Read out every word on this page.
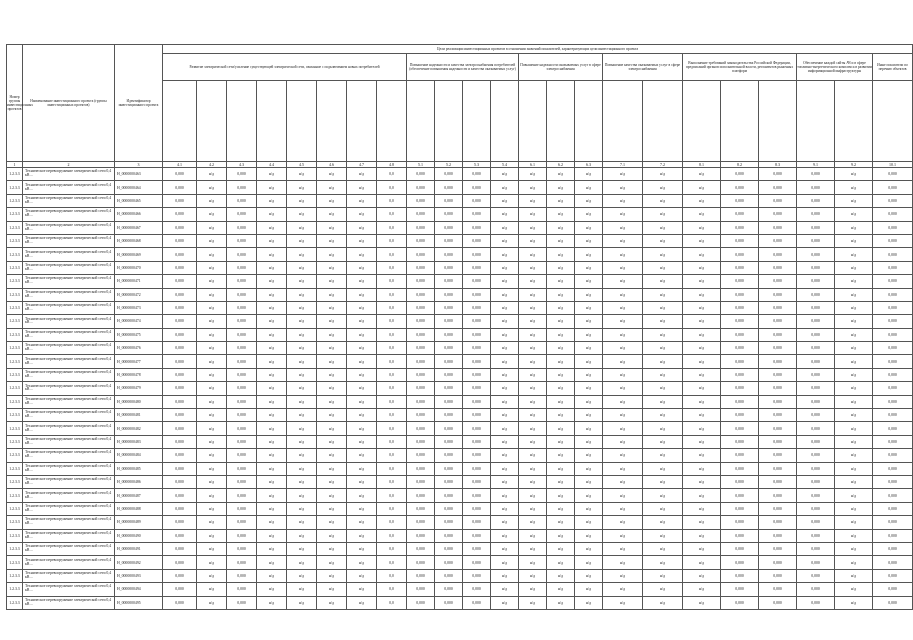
Номер группы инвестиционных проектов	Наименование инвестиционного проекта (группы инвестиционных проектов)	Идентификатор инвестиционного проекта	Цели реализации инвестиционных проектов в отношении значений показателей, характеризующих цели инвестиционного проекта																						
			Развитие электрической сети/усиление существующей электрической сети, связанное с подключением новых потребителей								Повышение надежности и качества электроснабжения потребителей (обеспечение повышения надежности и качества оказываемых услуг)				Повышение надежности оказываемых услуг в сфере электроснабжения			Повышение качества оказываемых услуг в сфере электроснабжения		Выполнение требований законодательства Российской Федерации, предписаний органов исполнительной власти, регламентов рыночных платформ			Обеспечение каждой сайты АЧ и в сфере топливно-энергетического комплекса в развитии информационной инфраструктуры		Иные показатели по перечню объектов

1	2	3	4.1	4.2	4.3	4.4	4.5	4.6	4.7	4.8	5.1	5.2	5.3	5.4	6.1	6.2	6.3	7.1	7.2	8.1	8.2	8.3	9.1	9.2	10.1
1.2.3.3	Техническое перевооружение электрической сети 0,4 кВ ...	Н_0000000463	0,000	н/д	0,000	н/д	н/д	н/д	н/д	0,0	0,000	0,000	0,000	н/д	н/д	н/д	н/д	н/д	н/д	н/д	0,000	0,000	0,000	н/д	0,000
1.2.3.3	Техническое перевооружение электрической сети 0,4 кВ ...	Н_0000000464	0,000	н/д	0,000	н/д	н/д	н/д	н/д	0,0	0,000	0,000	0,000	н/д	н/д	н/д	н/д	н/д	н/д	н/д	0,000	0,000	0,000	н/д	0,000
1.2.3.3	Техническое перевооружение электрической сети 0,4 кВ ...	Н_0000000465	0,000	н/д	0,000	н/д	н/д	н/д	н/д	0,0	0,000	0,000	0,000	н/д	н/д	н/д	н/д	н/д	н/д	н/д	0,000	0,000	0,000	н/д	0,000
1.2.3.3	Техническое перевооружение электрической сети 0,4 кВ ...	Н_0000000466	0,000	н/д	0,000	н/д	н/д	н/д	н/д	0,0	0,000	0,000	0,000	н/д	н/д	н/д	н/д	н/д	н/д	н/д	0,000	0,000	0,000	н/д	0,000
1.2.3.3	Техническое перевооружение электрической сети 0,4 кВ ...	Н_0000000467	0,000	н/д	0,000	н/д	н/д	н/д	н/д	0,0	0,000	0,000	0,000	н/д	н/д	н/д	н/д	н/д	н/д	н/д	0,000	0,000	0,000	н/д	0,000
1.2.3.3	Техническое перевооружение электрической сети 0,4 кВ ...	Н_0000000468	0,000	н/д	0,000	н/д	н/д	н/д	н/д	0,0	0,000	0,000	0,000	н/д	н/д	н/д	н/д	н/д	н/д	н/д	0,000	0,000	0,000	н/д	0,000
1.2.3.3	Техническое перевооружение электрической сети 0,4 кВ ...	Н_0000000469	0,000	н/д	0,000	н/д	н/д	н/д	н/д	0,0	0,000	0,000	0,000	н/д	н/д	н/д	н/д	н/д	н/д	н/д	0,000	0,000	0,000	н/д	0,000
1.2.3.3	Техническое перевооружение электрической сети 0,4 кВ ...	Н_0000000470	0,000	н/д	0,000	н/д	н/д	н/д	н/д	0,0	0,000	0,000	0,000	н/д	н/д	н/д	н/д	н/д	н/д	н/д	0,000	0,000	0,000	н/д	0,000
1.2.3.3	Техническое перевооружение электрической сети 0,4 кВ ...	Н_0000000471	0,000	н/д	0,000	н/д	н/д	н/д	н/д	0,0	0,000	0,000	0,000	н/д	н/д	н/д	н/д	н/д	н/д	н/д	0,000	0,000	0,000	н/д	0,000
1.2.3.3	Техническое перевооружение электрической сети 0,4 кВ ...	Н_0000000472	0,000	н/д	0,000	н/д	н/д	н/д	н/д	0,0	0,000	0,000	0,000	н/д	н/д	н/д	н/д	н/д	н/д	н/д	0,000	0,000	0,000	н/д	0,000
1.2.3.3	Техническое перевооружение электрической сети 0,4 кВ ...	Н_0000000473	0,000	н/д	0,000	н/д	н/д	н/д	н/д	0,0	0,000	0,000	0,000	н/д	н/д	н/д	н/д	н/д	н/д	н/д	0,000	0,000	0,000	н/д	0,000
1.2.3.3	Техническое перевооружение электрической сети 0,4 кВ ...	Н_0000000474	0,000	н/д	0,000	н/д	н/д	н/д	н/д	0,0	0,000	0,000	0,000	н/д	н/д	н/д	н/д	н/д	н/д	н/д	0,000	0,000	0,000	н/д	0,000
1.2.3.3	Техническое перевооружение электрической сети 0,4 кВ ...	Н_0000000475	0,000	н/д	0,000	н/д	н/д	н/д	н/д	0,0	0,000	0,000	0,000	н/д	н/д	н/д	н/д	н/д	н/д	н/д	0,000	0,000	0,000	н/д	0,000
1.2.3.3	Техническое перевооружение электрической сети 0,4 кВ ...	Н_0000000476	0,000	н/д	0,000	н/д	н/д	н/д	н/д	0,0	0,000	0,000	0,000	н/д	н/д	н/д	н/д	н/д	н/д	н/д	0,000	0,000	0,000	н/д	0,000
1.2.3.3	Техническое перевооружение электрической сети 0,4 кВ ...	Н_0000000477	0,000	н/д	0,000	н/д	н/д	н/д	н/д	0,0	0,000	0,000	0,000	н/д	н/д	н/д	н/д	н/д	н/д	н/д	0,000	0,000	0,000	н/д	0,000
1.2.3.3	Техническое перевооружение электрической сети 0,4 кВ ...	Н_0000000478	0,000	н/д	0,000	н/д	н/д	н/д	н/д	0,0	0,000	0,000	0,000	н/д	н/д	н/д	н/д	н/д	н/д	н/д	0,000	0,000	0,000	н/д	0,000
1.2.3.3	Техническое перевооружение электрической сети 0,4 кВ ...	Н_0000000479	0,000	н/д	0,000	н/д	н/д	н/д	н/д	0,0	0,000	0,000	0,000	н/д	н/д	н/д	н/д	н/д	н/д	н/д	0,000	0,000	0,000	н/д	0,000
1.2.3.3	Техническое перевооружение электрической сети 0,4 кВ ...	Н_0000000480	0,000	н/д	0,000	н/д	н/д	н/д	н/д	0,0	0,000	0,000	0,000	н/д	н/д	н/д	н/д	н/д	н/д	н/д	0,000	0,000	0,000	н/д	0,000
1.2.3.3	Техническое перевооружение электрической сети 0,4 кВ ...	Н_0000000481	0,000	н/д	0,000	н/д	н/д	н/д	н/д	0,0	0,000	0,000	0,000	н/д	н/д	н/д	н/д	н/д	н/д	н/д	0,000	0,000	0,000	н/д	0,000
1.2.3.3	Техническое перевооружение электрической сети 0,4 кВ ...	Н_0000000482	0,000	н/д	0,000	н/д	н/д	н/д	н/д	0,0	0,000	0,000	0,000	н/д	н/д	н/д	н/д	н/д	н/д	н/д	0,000	0,000	0,000	н/д	0,000
1.2.3.3	Техническое перевооружение электрической сети 0,4 кВ ...	Н_0000000483	0,000	н/д	0,000	н/д	н/д	н/д	н/д	0,0	0,000	0,000	0,000	н/д	н/д	н/д	н/д	н/д	н/д	н/д	0,000	0,000	0,000	н/д	0,000
1.2.3.3	Техническое перевооружение электрической сети 0,4 кВ ...	Н_0000000484	0,000	н/д	0,000	н/д	н/д	н/д	н/д	0,0	0,000	0,000	0,000	н/д	н/д	н/д	н/д	н/д	н/д	н/д	0,000	0,000	0,000	н/д	0,000
1.2.3.3	Техническое перевооружение электрической сети 0,4 кВ ...	Н_0000000485	0,000	н/д	0,000	н/д	н/д	н/д	н/д	0,0	0,000	0,000	0,000	н/д	н/д	н/д	н/д	н/д	н/д	н/д	0,000	0,000	0,000	н/д	0,000
1.2.3.3	Техническое перевооружение электрической сети 0,4 кВ ...	Н_0000000486	0,000	н/д	0,000	н/д	н/д	н/д	н/д	0,0	0,000	0,000	0,000	н/д	н/д	н/д	н/д	н/д	н/д	н/д	0,000	0,000	0,000	н/д	0,000
1.2.3.3	Техническое перевооружение электрической сети 0,4 кВ ...	Н_0000000487	0,000	н/д	0,000	н/д	н/д	н/д	н/д	0,0	0,000	0,000	0,000	н/д	н/д	н/д	н/д	н/д	н/д	н/д	0,000	0,000	0,000	н/д	0,000
1.2.3.3	Техническое перевооружение электрической сети 0,4 кВ ...	Н_0000000488	0,000	н/д	0,000	н/д	н/д	н/д	н/д	0,0	0,000	0,000	0,000	н/д	н/д	н/д	н/д	н/д	н/д	н/д	0,000	0,000	0,000	н/д	0,000
1.2.3.3	Техническое перевооружение электрической сети 0,4 кВ ...	Н_0000000489	0,000	н/д	0,000	н/д	н/д	н/д	н/д	0,0	0,000	0,000	0,000	н/д	н/д	н/д	н/д	н/д	н/д	н/д	0,000	0,000	0,000	н/д	0,000
1.2.3.3	Техническое перевооружение электрической сети 0,4 кВ ...	Н_0000000490	0,000	н/д	0,000	н/д	н/д	н/д	н/д	0,0	0,000	0,000	0,000	н/д	н/д	н/д	н/д	н/д	н/д	н/д	0,000	0,000	0,000	н/д	0,000
1.2.3.3	Техническое перевооружение электрической сети 0,4 кВ ...	Н_0000000491	0,000	н/д	0,000	н/д	н/д	н/д	н/д	0,0	0,000	0,000	0,000	н/д	н/д	н/д	н/д	н/д	н/д	н/д	0,000	0,000	0,000	н/д	0,000
1.2.3.3	Техническое перевооружение электрической сети 0,4 кВ ...	Н_0000000492	0,000	н/д	0,000	н/д	н/д	н/д	н/д	0,0	0,000	0,000	0,000	н/д	н/д	н/д	н/д	н/д	н/д	н/д	0,000	0,000	0,000	н/д	0,000
1.2.3.3	Техническое перевооружение электрической сети 0,4 кВ ...	Н_0000000493	0,000	н/д	0,000	н/д	н/д	н/д	н/д	0,0	0,000	0,000	0,000	н/д	н/д	н/д	н/д	н/д	н/д	н/д	0,000	0,000	0,000	н/д	0,000
1.2.3.3	Техническое перевооружение электрической сети 0,4 кВ ...	Н_0000000494	0,000	н/д	0,000	н/д	н/д	н/д	н/д	0,0	0,000	0,000	0,000	н/д	н/д	н/д	н/д	н/д	н/д	н/д	0,000	0,000	0,000	н/д	0,000
1.2.3.3	Техническое перевооружение электрической сети 0,4 кВ ...	Н_0000000495	0,000	н/д	0,000	н/д	н/д	н/д	н/д	0,0	0,000	0,000	0,000	н/д	н/д	н/д	н/д	н/д	н/д	н/д	0,000	0,000	0,000	н/д	0,000
